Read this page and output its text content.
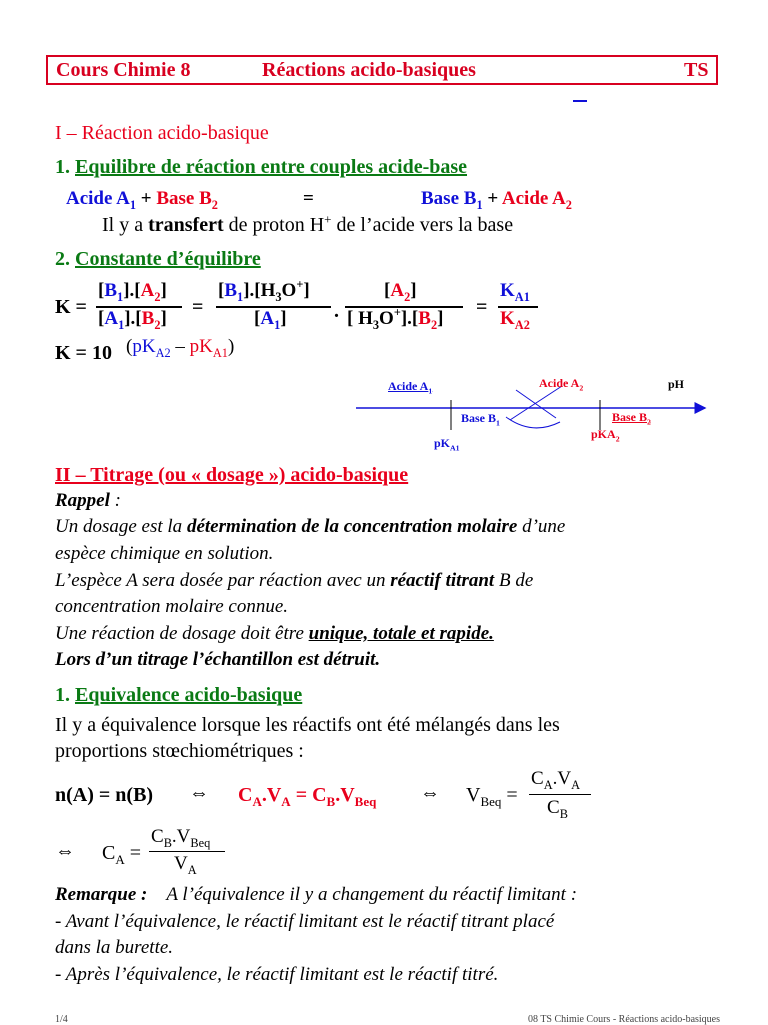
Cours Chimie 8	Réactions acido-basiques	TS
I – Réaction acido-basique
1. Equilibre de réaction entre couples acide-base
Acide $A_1$ + Base $B_2$	=	Base $B_1$ + Acide $A_2$
Il y a transfert de proton H+ de l’acide vers la base
2. Constante d’équilibre
K =
$[B_1].[A_2]$
$[A_1].[B_2]$
=
$[B_1].[H_3O^+]$
$[A_1]$ .
$[A_2]$
[ $H_3O^+].[B_2]$
=
$K_{A1}$
$K_{A2}$
K = 10 $(pK_{A2} - pK_{A1})$
Acide $A_1$
Acide $A_2$	pH
Base $B_1$	Base $B_2$
$pK_{A1}$
pKA$_2$
II – Titrage (ou « dosage ») acido-basique
Rappel :
Un dosage est la détermination de la concentration molaire d’une
espèce chimique en solution.
L’espèce A sera dosée par réaction avec un réactif titrant B de
concentration molaire connue.
Une réaction de dosage doit être unique, totale et rapide.
Lors d’un titrage l’échantillon est détruit.
1. Equivalence acido-basique
Il y a équivalence lorsque les réactifs ont été mélangés dans les
proportions stœchiométriques :
n(A) = n(B) ⇔ $C_A.V_A = C_B.V_{Beq}$ ⇔ $V_{Beq}$ =
$C_A.V_A$
$C_B$
⇔ $C_A$ =
$C_B.V_{Beq}$
$V_A$
Remarque : A l’équivalence il y a changement du réactif limitant :
- Avant l’équivalence, le réactif limitant est le réactif titrant placé
dans la burette.
- Après l’équivalence, le réactif limitant est le réactif titré.
1/4	08 TS Chimie Cours - Réactions acido-basiques
